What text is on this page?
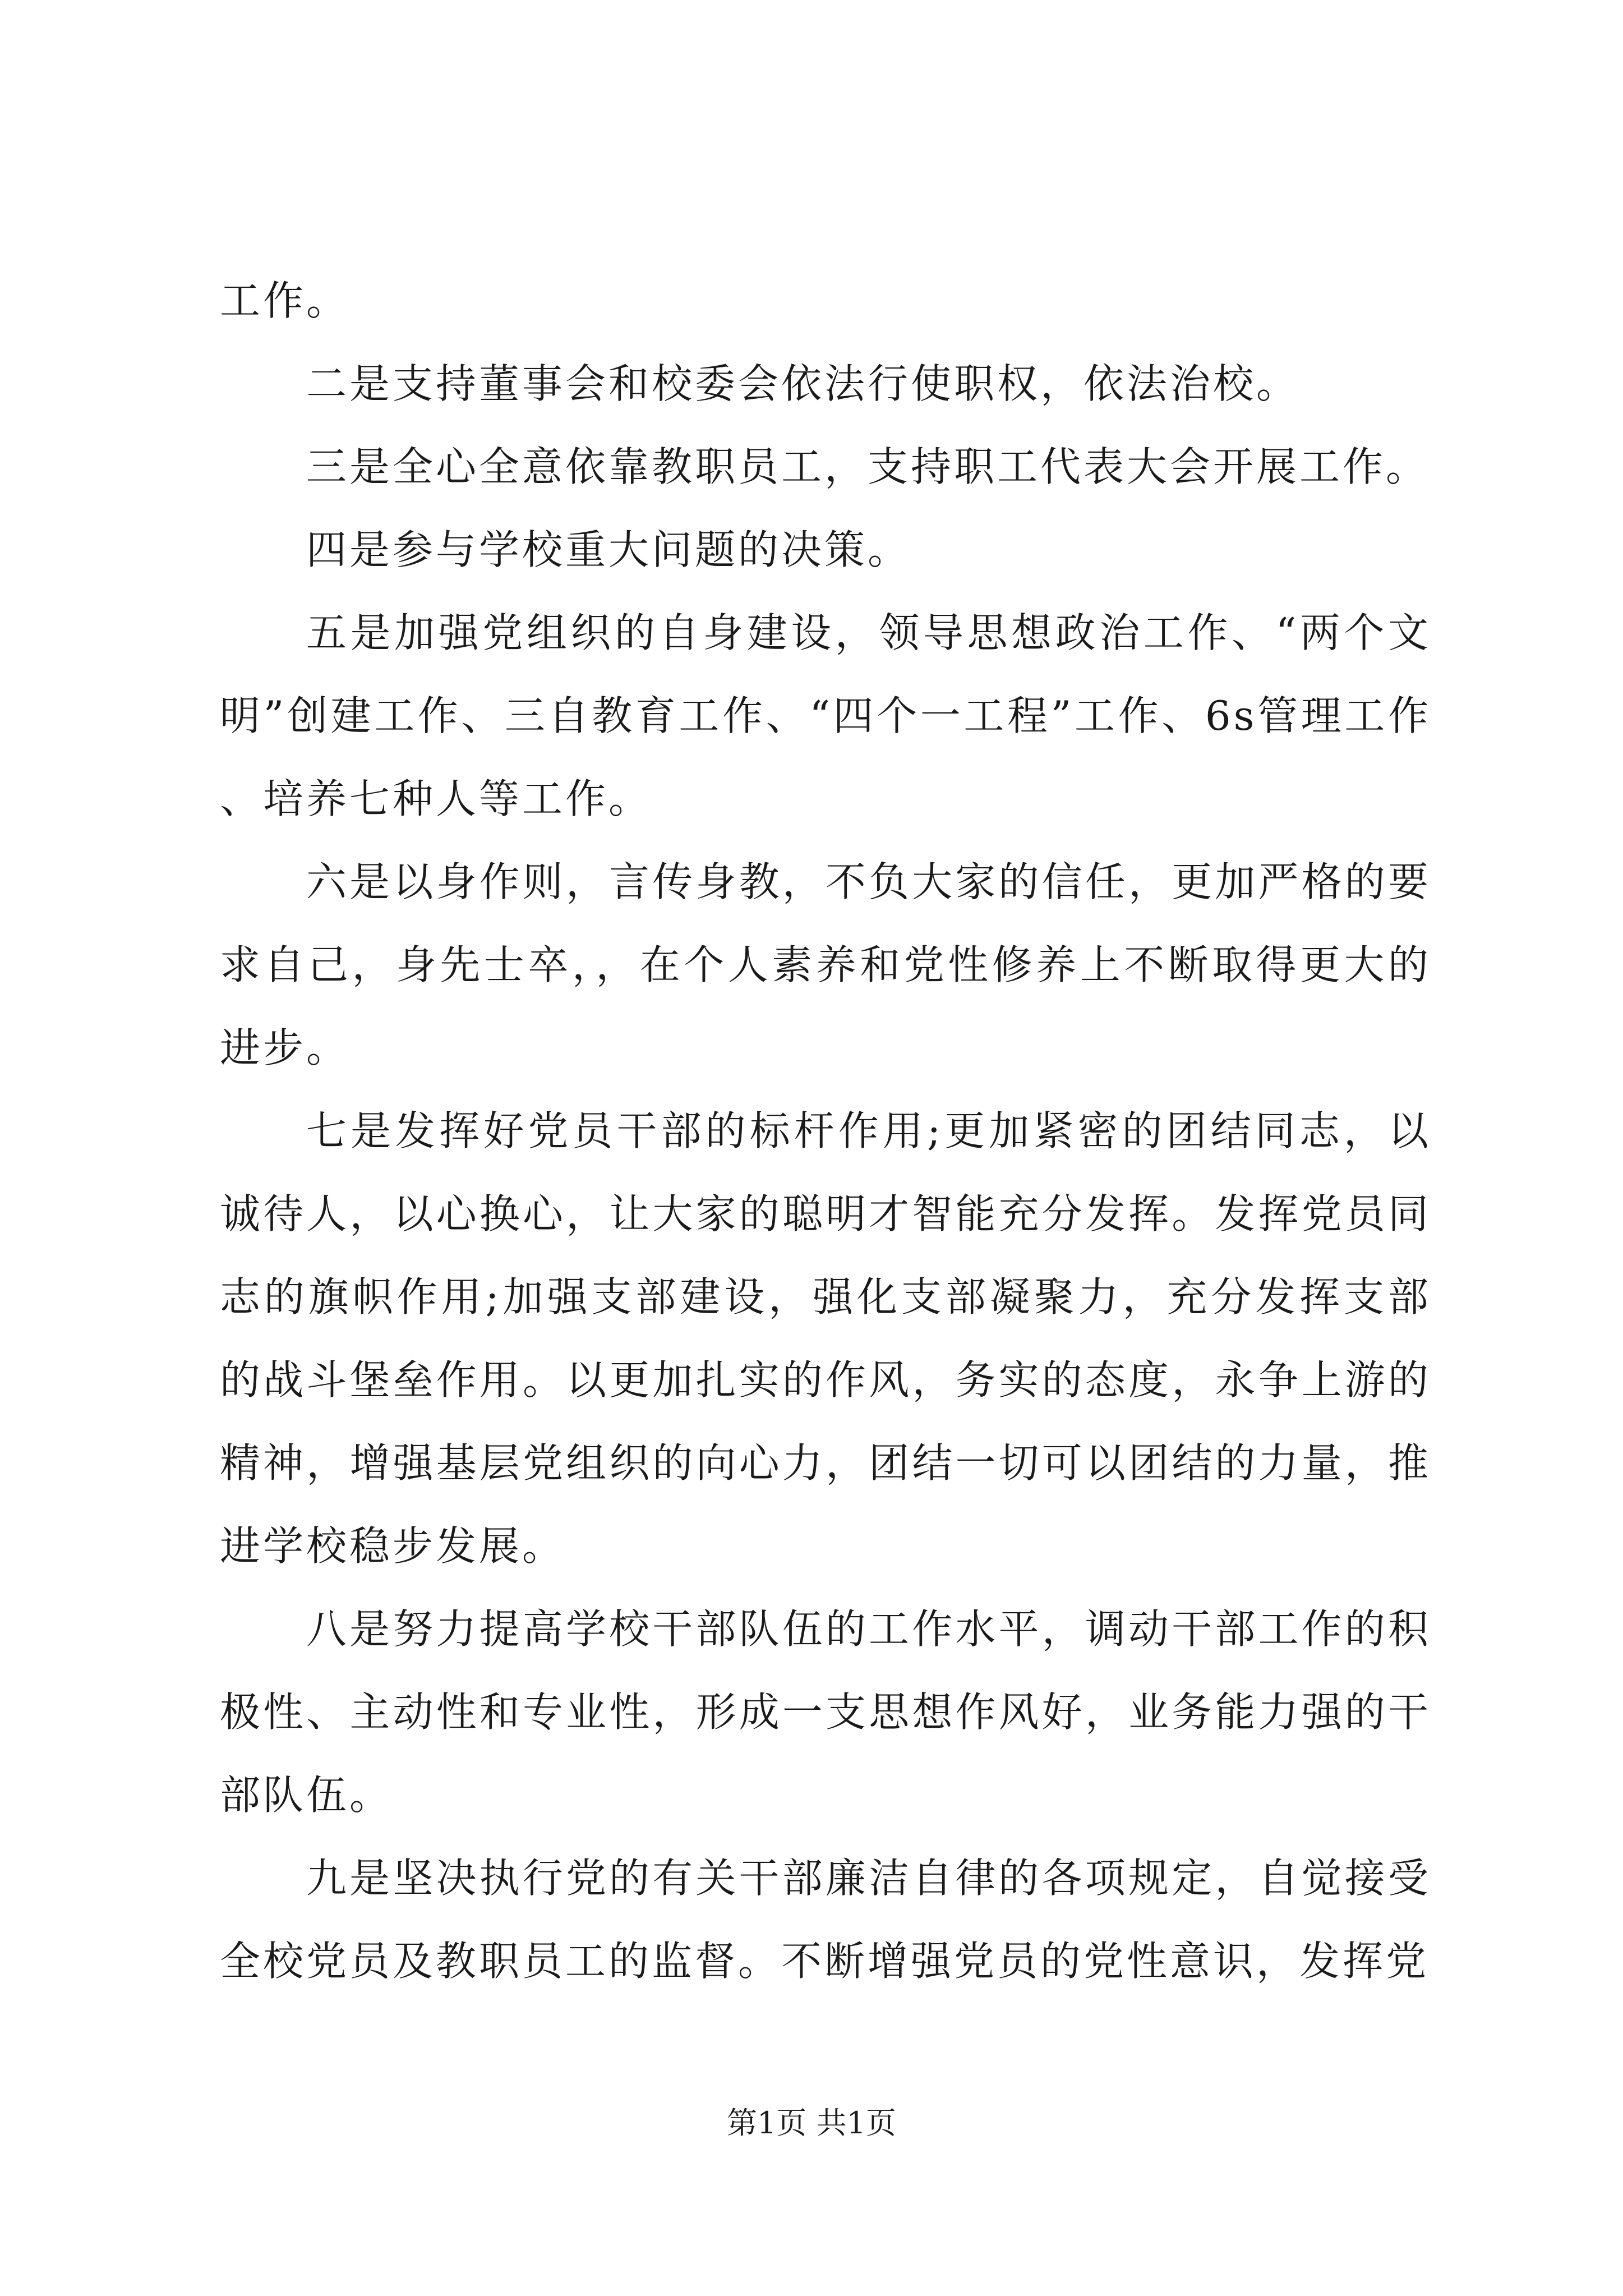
工作。

二是支持董事会和校委会依法行使职权，依法治校。

三是全心全意依靠教职员工，支持职工代表大会开展工作。

四是参与学校重大问题的决策。

五是加强党组织的自身建设，领导思想政治工作、“两个文明”创建工作、三自教育工作、“四个一工程”工作、6s管理工作、培养七种人等工作。

六是以身作则，言传身教，不负大家的信任，更加严格的要求自己，身先士卒，，在个人素养和党性修养上不断取得更大的进步。

七是发挥好党员干部的标杆作用;更加紧密的团结同志，以诚待人，以心换心，让大家的聪明才智能充分发挥。发挥党员同志的旗帜作用;加强支部建设，强化支部凝聚力，充分发挥支部的战斗堡垒作用。以更加扎实的作风，务实的态度，永争上游的精神，增强基层党组织的向心力，团结一切可以团结的力量，推进学校稳步发展。

八是努力提高学校干部队伍的工作水平，调动干部工作的积极性、主动性和专业性，形成一支思想作风好，业务能力强的干部队伍。

九是坚决执行党的有关干部廉洁自律的各项规定，自觉接受全校党员及教职员工的监督。不断增强党员的党性意识，发挥党

第1页 共1页
